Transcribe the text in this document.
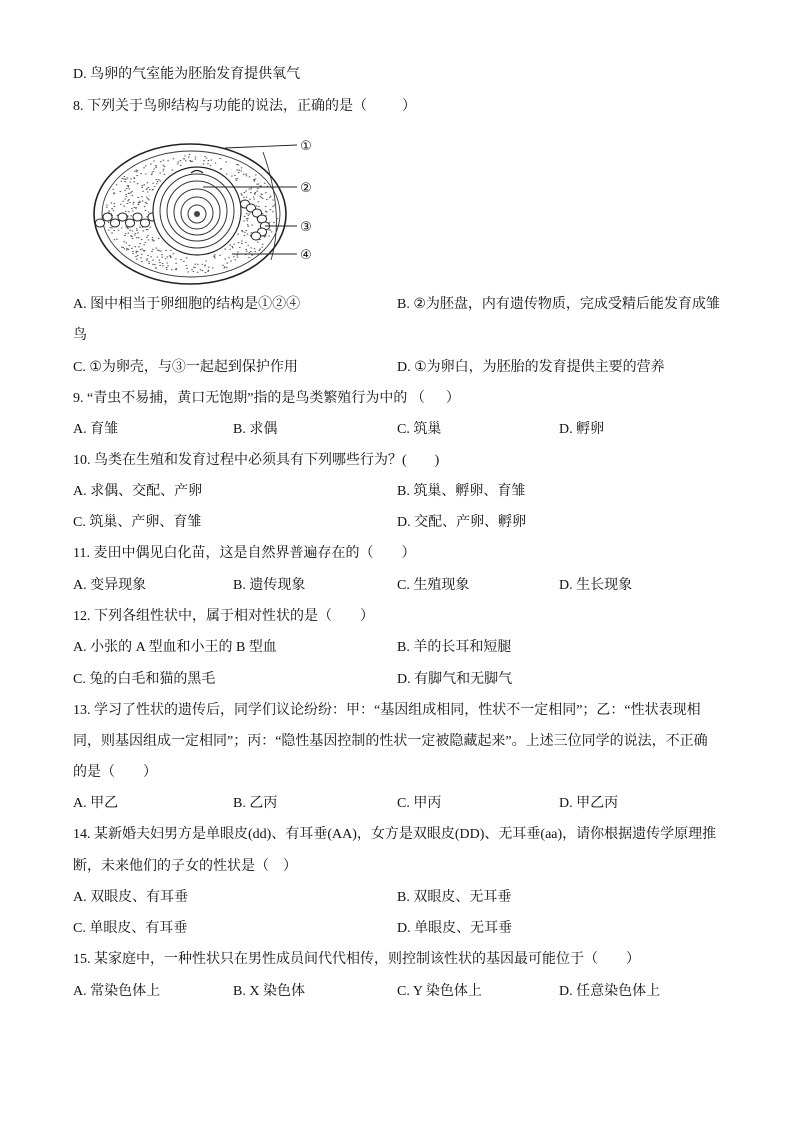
D. 鸟卵的气室能为胚胎发育提供氧气
8. 下列关于鸟卵结构与功能的说法，正确的是（          ）
①
②
③
④
A. 图中相当于卵细胞的结构是①②④	B. ②为胚盘，内有遗传物质，完成受精后能发育成雏
鸟
C. ①为卵壳，与③一起起到保护作用	D. ①为卵白，为胚胎的发育提供主要的营养
9. “青虫不易捕，黄口无饱期”指的是鸟类繁殖行为中的 （      ）
A. 育雏	B. 求偶	C. 筑巢	D. 孵卵
10. 鸟类在生殖和发育过程中必须具有下列哪些行为？(        )
A. 求偶、交配、产卵	B. 筑巢、孵卵、育雏
C. 筑巢、产卵、育雏	D. 交配、产卵、孵卵
11. 麦田中偶见白化苗，这是自然界普遍存在的（        ）
A. 变异现象	B. 遗传现象	C. 生殖现象	D. 生长现象
12. 下列各组性状中，属于相对性状的是（        ）
A. 小张的 A 型血和小王的 B 型血	B. 羊的长耳和短腿
C. 兔的白毛和猫的黑毛	D. 有脚气和无脚气
13. 学习了性状的遗传后，同学们议论纷纷：甲：“基因组成相同，性状不一定相同”；乙：“性状表现相
同，则基因组成一定相同”；丙：“隐性基因控制的性状一定被隐藏起来”。上述三位同学的说法，不正确
的是（        ）
A. 甲乙	B. 乙丙	C. 甲丙	D. 甲乙丙
14. 某新婚夫妇男方是单眼皮(dd)、有耳垂(AA)，女方是双眼皮(DD)、无耳垂(aa)，请你根据遗传学原理推
断，未来他们的子女的性状是（    ）
A. 双眼皮、有耳垂	B. 双眼皮、无耳垂
C. 单眼皮、有耳垂	D. 单眼皮、无耳垂
15. 某家庭中，一种性状只在男性成员间代代相传，则控制该性状的基因最可能位于（        ）
A. 常染色体上	B. X 染色体	C. Y 染色体上	D. 任意染色体上
